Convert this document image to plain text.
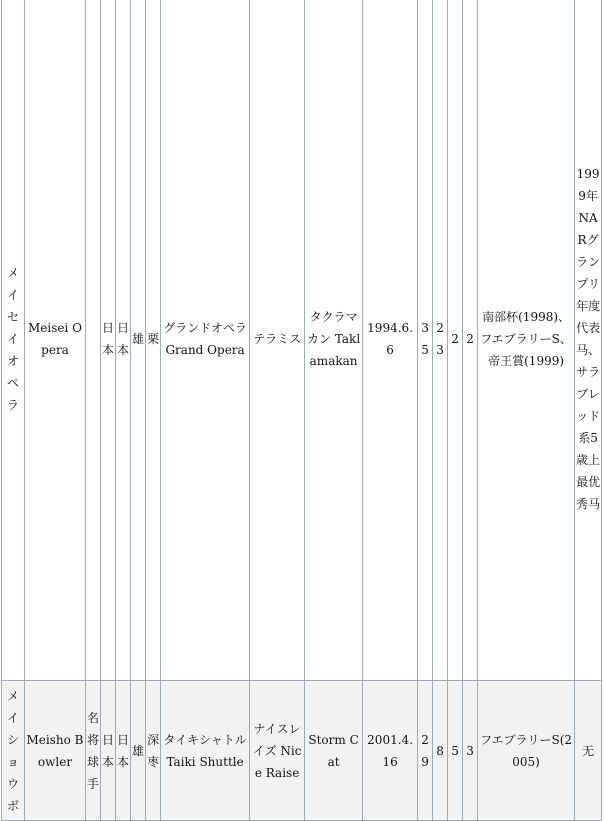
メイセイオペラ	Meisei Opera		日本	日本	雄	栗	グランドオペラ Grand Opera	テラミス	タクラマカン Taklamakan	1994.6.6	35	23	2	2	南部杯(1998)、フエブラリーS、帝王賞(1999)	1999年NARグランプリ年度代表马、サラブレッド系5歳上最优秀马
メイショウボ	Meisho Bowler	名将球手	日本	日本	雄	深枣	タイキシャトル Taiki Shuttle	ナイスレイズ Nice Raise	Storm Cat	2001.4.16	29	8	5	3	フエブラリーS(2005)	无
